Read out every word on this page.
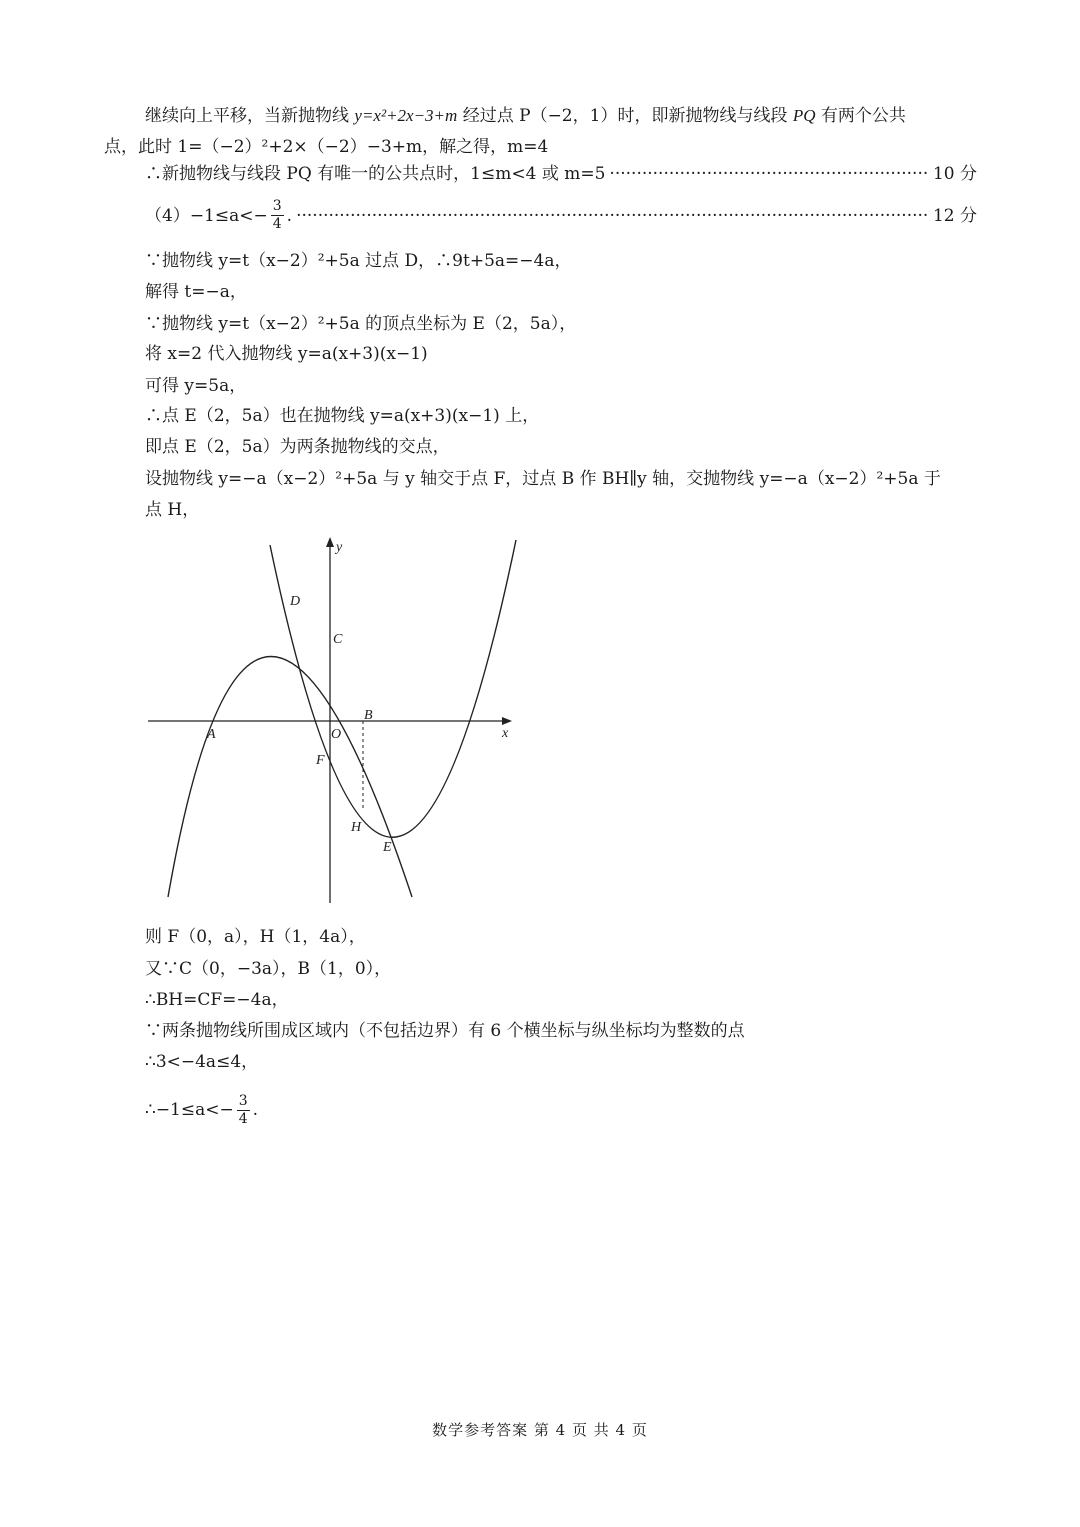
继续向上平移，当新抛物线 y=x²+2x−3+m 经过点 P（−2，1）时，即新抛物线与线段 PQ 有两个公共
点，此时 1=（−2）²+2×（−2）−3+m，解之得，m=4
∴新抛物线与线段 PQ 有唯一的公共点时，1≤m<4 或 m=5 ·····	10 分
$(4)-1\le a<- \frac{3}{4}$ . ·····	12 分
∵抛物线 y=t（x−2）²+5a 过点 D，∴9t+5a=−4a，
解得 t=−a，
∵抛物线 y=t（x−2）²+5a 的顶点坐标为 E（2，5a），
将 x=2 代入抛物线 y=a(x+3)(x−1)
可得 y=5a，
∴点 E（2，5a）也在抛物线 y=a(x+3)(x−1) 上，
即点 E（2，5a）为两条抛物线的交点，
设抛物线 y=−a（x−2）²+5a 与 y 轴交于点 F，过点 B 作 BH∥y 轴，交抛物线 y=−a（x−2）²+5a 于
点 H，
y
x
D
C
B
A	O
F
H
E
则 F（0，a），H（1，4a），
又∵C（0，−3a），B（1，0），
∴BH=CF=−4a，
∵两条抛物线所围成区域内（不包括边界）有 6 个横坐标与纵坐标均为整数的点
∴3<−4a≤4，
∴−1≤a<− $\frac{3}{4}$ .
数学参考答案 第 4 页 共 4 页
